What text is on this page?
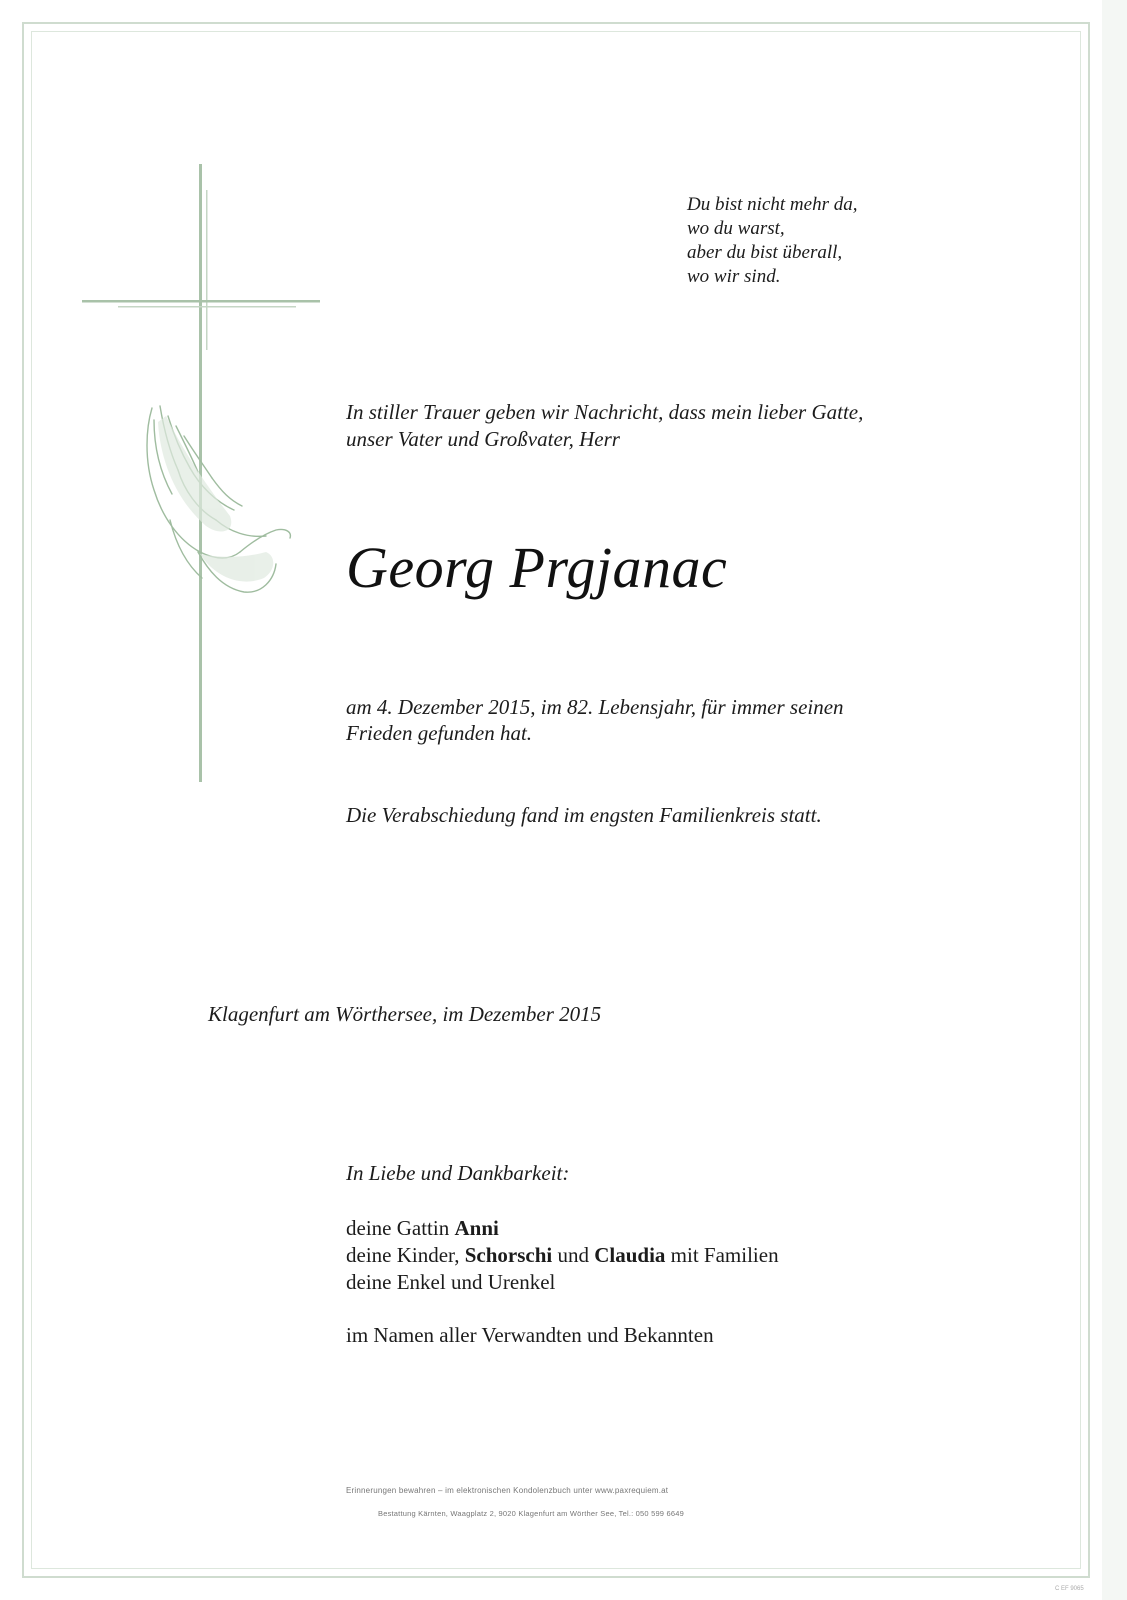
Du bist nicht mehr da,
wo du warst,
aber du bist überall,
wo wir sind.
In stiller Trauer geben wir Nachricht, dass mein lieber Gatte,
unser Vater und Großvater, Herr
Georg Prgjanac
am 4. Dezember 2015, im 82. Lebensjahr, für immer seinen
Frieden gefunden hat.
Die Verabschiedung fand im engsten Familienkreis statt.
Klagenfurt am Wörthersee, im Dezember 2015
In Liebe und Dankbarkeit:
deine Gattin Anni
deine Kinder, Schorschi und Claudia mit Familien
deine Enkel und Urenkel
im Namen aller Verwandten und Bekannten
Erinnerungen bewahren – im elektronischen Kondolenzbuch unter www.paxrequiem.at
Bestattung Kärnten, Waagplatz 2, 9020 Klagenfurt am Wörther See, Tel.: 050 599 6649
C EF 9065
